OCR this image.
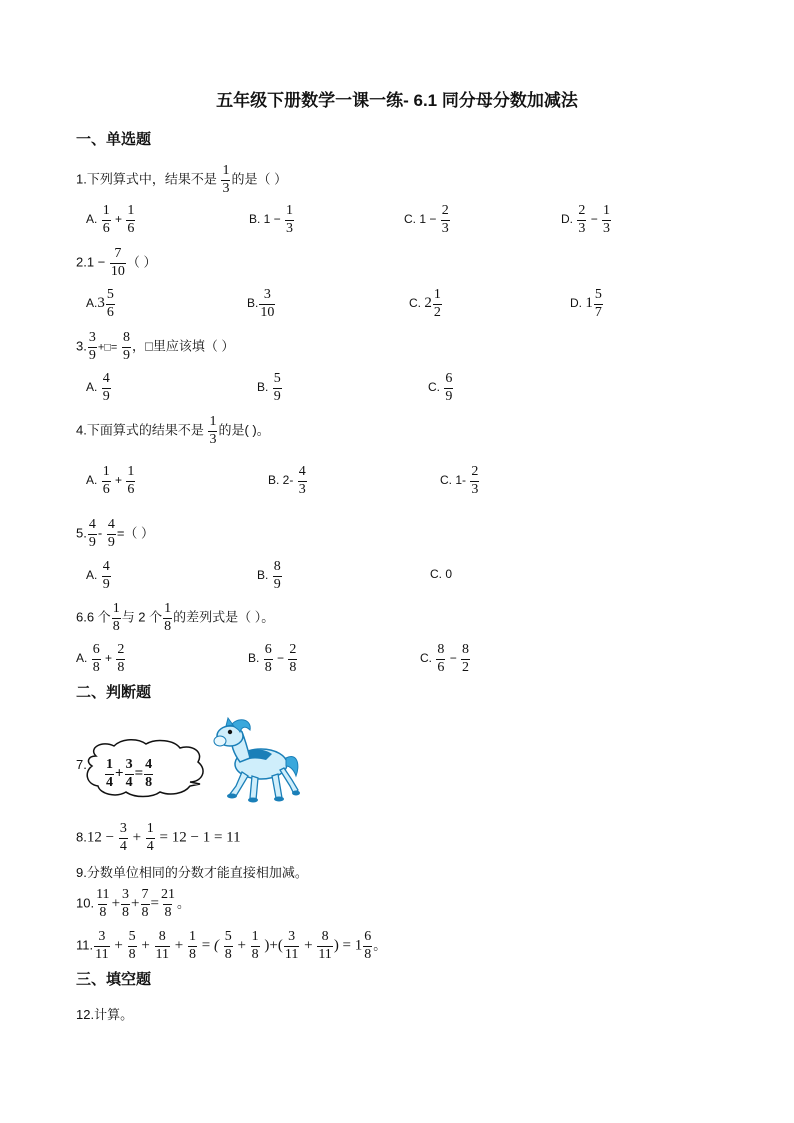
五年级下册数学一课一练- 6.1 同分母分数加减法
一、单选题
1.下列算式中，结果不是 $\frac{1}{3}$ 的是（ ）
A. $\frac{1}{6} + \frac{1}{6}$	B. $1 - \frac{1}{3}$	C. $1 - \frac{2}{3}$	D. $\frac{2}{3} - \frac{1}{3}$
$2.1 - \frac{7}{10}$ （ ）
$A.3 \frac{5}{6}$	B. $\frac{3}{10}$	C. $2 \frac{1}{2}$	D. $1 \frac{5}{7}$
3. $\frac{3}{9}$ +□= $\frac{8}{9}$ ，□里应该填（ ）
A. $\frac{4}{9}$	B. $\frac{5}{9}$	C. $\frac{6}{9}$
4.下面算式的结果不是 $\frac{1}{3}$ 的是( )。
A. $\frac{1}{6} + \frac{1}{6}$	B. $2- \frac{4}{3}$	C. $1- \frac{2}{3}$
5. $\frac{4}{9} - \frac{4}{9}$ =（ ）
A. $\frac{4}{9}$	B. $\frac{8}{9}$	C. 0
6.6 个 $\frac{1}{8}$ 与 2 个 $\frac{1}{8}$ 的差列式是（ ）。
A. $\frac{6}{8} + \frac{2}{8}$	B. $\frac{6}{8} - \frac{2}{8}$	C. $\frac{8}{6} - \frac{8}{2}$
二、判断题
7. $\frac{1}{4} + \frac{3}{4} = \frac{4}{8}$
$8.12 - \frac{3}{4} + \frac{1}{4} = 12 - 1 = 11$
9.分数单位相同的分数才能直接相加减。
10. $\frac{11}{8} + \frac{3}{8} + \frac{7}{8} = \frac{21}{8}$ 。
11. $\frac{3}{11} + \frac{5}{8} + \frac{8}{11} + \frac{1}{8}$ = ( $\frac{5}{8} + \frac{1}{8}$ )+( $\frac{3}{11} + \frac{8}{11}$ ) = $1 \frac{6}{8}$ 。
三、填空题
12.计算。
